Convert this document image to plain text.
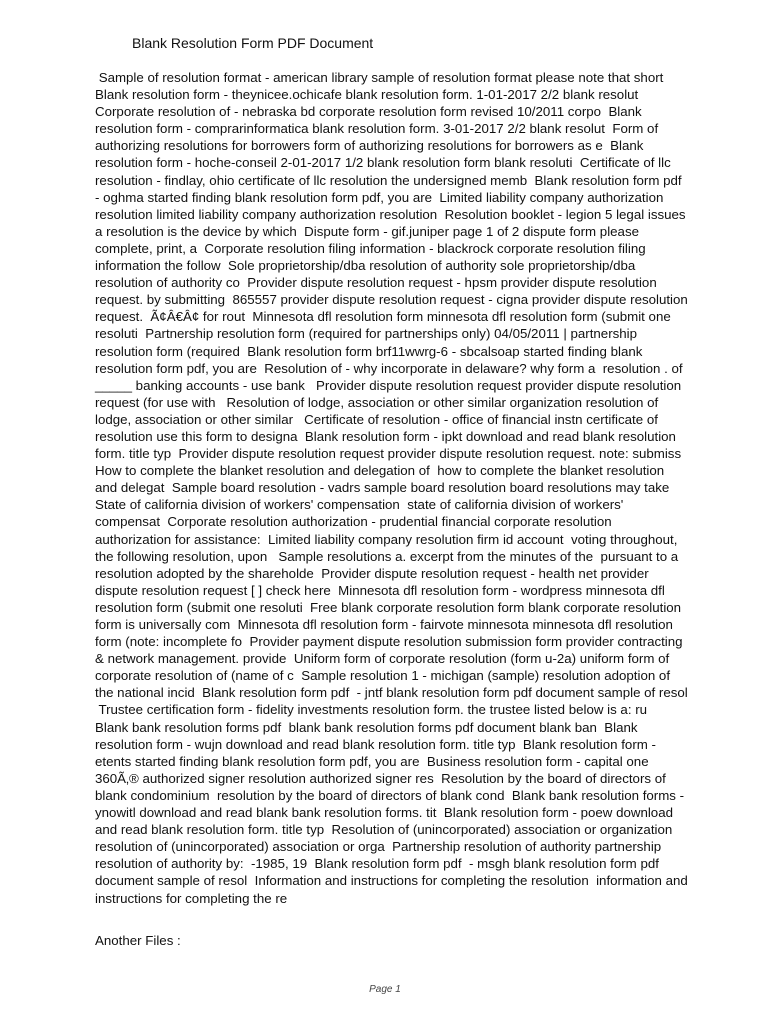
Blank Resolution Form PDF Document
Sample of resolution format - american library sample of resolution format please note that short
Blank resolution form - theynicee.ochicafe blank resolution form. 1-01-2017 2/2 blank resolut
Corporate resolution of - nebraska bd corporate resolution form revised 10/2011 corpo  Blank
resolution form - comprarinformatica blank resolution form. 3-01-2017 2/2 blank resolut  Form of
authorizing resolutions for borrowers form of authorizing resolutions for borrowers as e  Blank
resolution form - hoche-conseil 2-01-2017 1/2 blank resolution form blank resoluti  Certificate of llc
resolution - findlay, ohio certificate of llc resolution the undersigned memb  Blank resolution form pdf
- oghma started finding blank resolution form pdf, you are  Limited liability company authorization
resolution limited liability company authorization resolution  Resolution booklet - legion 5 legal issues
a resolution is the device by which  Dispute form - gif.juniper page 1 of 2 dispute form please
complete, print, a  Corporate resolution filing information - blackrock corporate resolution filing
information the follow  Sole proprietorship/dba resolution of authority sole proprietorship/dba
resolution of authority co  Provider dispute resolution request - hpsm provider dispute resolution
request. by submitting  865557 provider dispute resolution request - cigna provider dispute resolution
request.  Ã¢Â€Â¢ for rout  Minnesota dfl resolution form minnesota dfl resolution form (submit one
resoluti  Partnership resolution form (required for partnerships only) 04/05/2011 | partnership
resolution form (required  Blank resolution form brf11wwrg-6 - sbcalsoap started finding blank
resolution form pdf, you are  Resolution of - why incorporate in delaware? why form a  resolution . of
_____ banking accounts - use bank   Provider dispute resolution request provider dispute resolution
request (for use with   Resolution of lodge, association or other similar organization resolution of
lodge, association or other similar   Certificate of resolution - office of financial instn certificate of
resolution use this form to designa  Blank resolution form - ipkt download and read blank resolution
form. title typ  Provider dispute resolution request provider dispute resolution request. note: submiss
How to complete the blanket resolution and delegation of  how to complete the blanket resolution
and delegat  Sample board resolution - vadrs sample board resolution board resolutions may take
State of california division of workers' compensation  state of california division of workers'
compensat  Corporate resolution authorization - prudential financial corporate resolution
authorization for assistance:  Limited liability company resolution firm id account  voting throughout,
the following resolution, upon   Sample resolutions a. excerpt from the minutes of the  pursuant to a
resolution adopted by the shareholde  Provider dispute resolution request - health net provider
dispute resolution request [ ] check here  Minnesota dfl resolution form - wordpress minnesota dfl
resolution form (submit one resoluti  Free blank corporate resolution form blank corporate resolution
form is universally com  Minnesota dfl resolution form - fairvote minnesota minnesota dfl resolution
form (note: incomplete fo  Provider payment dispute resolution submission form provider contracting
& network management. provide  Uniform form of corporate resolution (form u-2a) uniform form of
corporate resolution of (name of c  Sample resolution 1 - michigan (sample) resolution adoption of
the national incid  Blank resolution form pdf  - jntf blank resolution form pdf document sample of resol
Trustee certification form - fidelity investments resolution form. the trustee listed below is a: ru
Blank bank resolution forms pdf  blank bank resolution forms pdf document blank ban  Blank
resolution form - wujn download and read blank resolution form. title typ  Blank resolution form -
etents started finding blank resolution form pdf, you are  Business resolution form - capital one
360Ã‚® authorized signer resolution authorized signer res  Resolution by the board of directors of
blank condominium  resolution by the board of directors of blank cond  Blank bank resolution forms -
ynowitl download and read blank bank resolution forms. tit  Blank resolution form - poew download
and read blank resolution form. title typ  Resolution of (unincorporated) association or organization
resolution of (unincorporated) association or orga  Partnership resolution of authority partnership
resolution of authority by:  -1985, 19  Blank resolution form pdf  - msgh blank resolution form pdf
document sample of resol  Information and instructions for completing the resolution  information and
instructions for completing the re
Another Files :
Page 1
